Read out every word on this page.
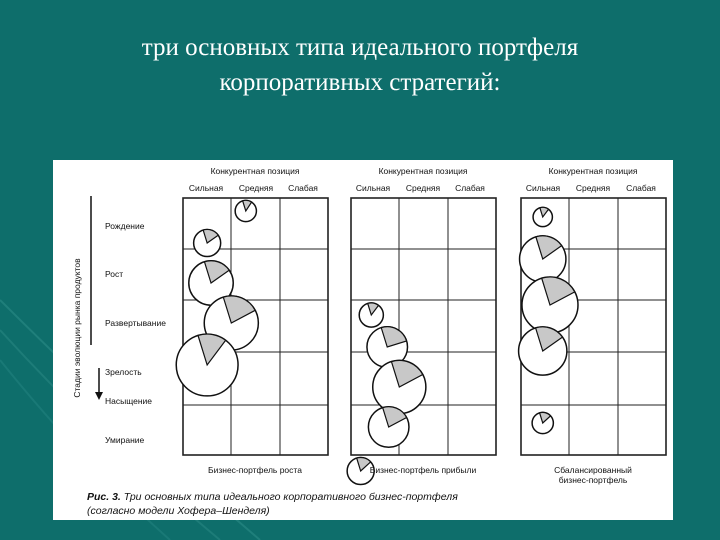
три основных типа идеального портфеля
корпоративных стратегий:
Стадии эволюции рынка продуктов
Рождение
Рост
Развертывание
Зрелость
Насыщение
Умирание
Конкурентная позиция
Сильная Средняя Слабая
Бизнес-портфель роста
Конкурентная позиция
Сильная Средняя Слабая
Бизнес-портфель прибыли
Конкурентная позиция
Сильная Средняя Слабая
Сбалансированный
бизнес-портфель
Рис. 3. Три основных типа идеального корпоративного бизнес-портфеля
(согласно модели Хофера–Шенделя)
